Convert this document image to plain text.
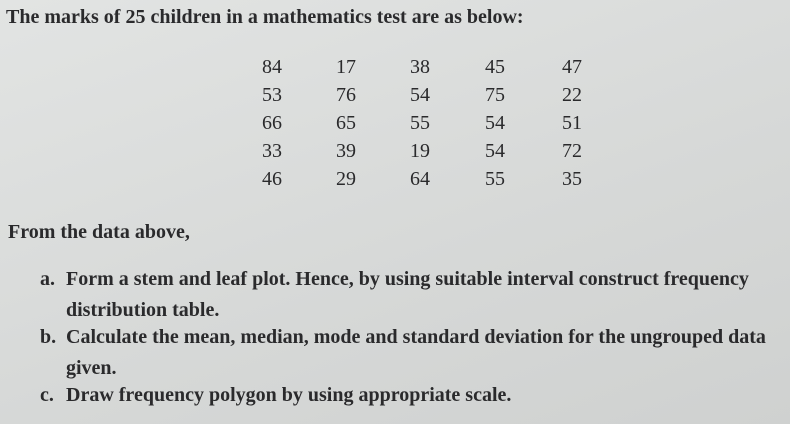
The marks of 25 children in a mathematics test are as below:
84	17	38	45	47
53	76	54	75	22
66	65	55	54	51
33	39	19	54	72
46	29	64	55	35
From the data above,
a. Form a stem and leaf plot. Hence, by using suitable interval construct frequency
distribution table.
b. Calculate the mean, median, mode and standard deviation for the ungrouped data
given.
c. Draw frequency polygon by using appropriate scale.
